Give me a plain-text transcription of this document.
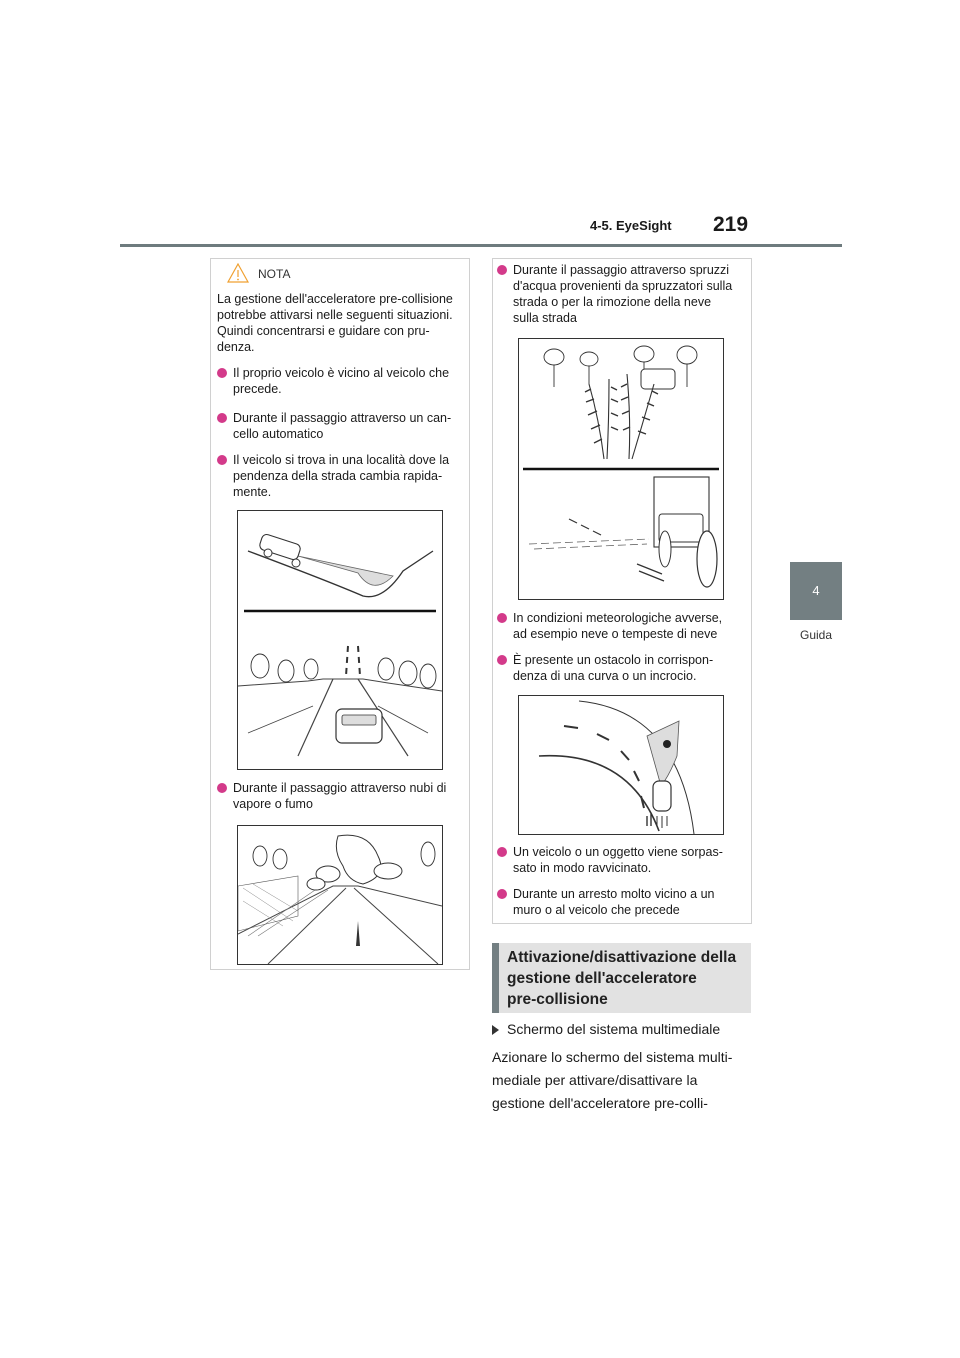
4-5. EyeSight 219
4
Guida
NOTA
La gestione dell'acceleratore pre-collisione
potrebbe attivarsi nelle seguenti situazioni.
Quindi concentrarsi e guidare con pru-
denza.
Il proprio veicolo è vicino al veicolo che
precede.
Durante il passaggio attraverso un can-
cello automatico
Il veicolo si trova in una località dove la
pendenza della strada cambia rapida-
mente.
Durante il passaggio attraverso nubi di
vapore o fumo
Durante il passaggio attraverso spruzzi
d'acqua provenienti da spruzzatori sulla
strada o per la rimozione della neve
sulla strada
In condizioni meteorologiche avverse,
ad esempio neve o tempeste di neve
È presente un ostacolo in corrispon-
denza di una curva o un incrocio.
Un veicolo o un oggetto viene sorpas-
sato in modo ravvicinato.
Durante un arresto molto vicino a un
muro o al veicolo che precede
Attivazione/disattivazione della
gestione dell'acceleratore
pre-collisione
Schermo del sistema multimediale
Azionare lo schermo del sistema multi-
mediale per attivare/disattivare la
gestione dell'acceleratore pre-colli-
